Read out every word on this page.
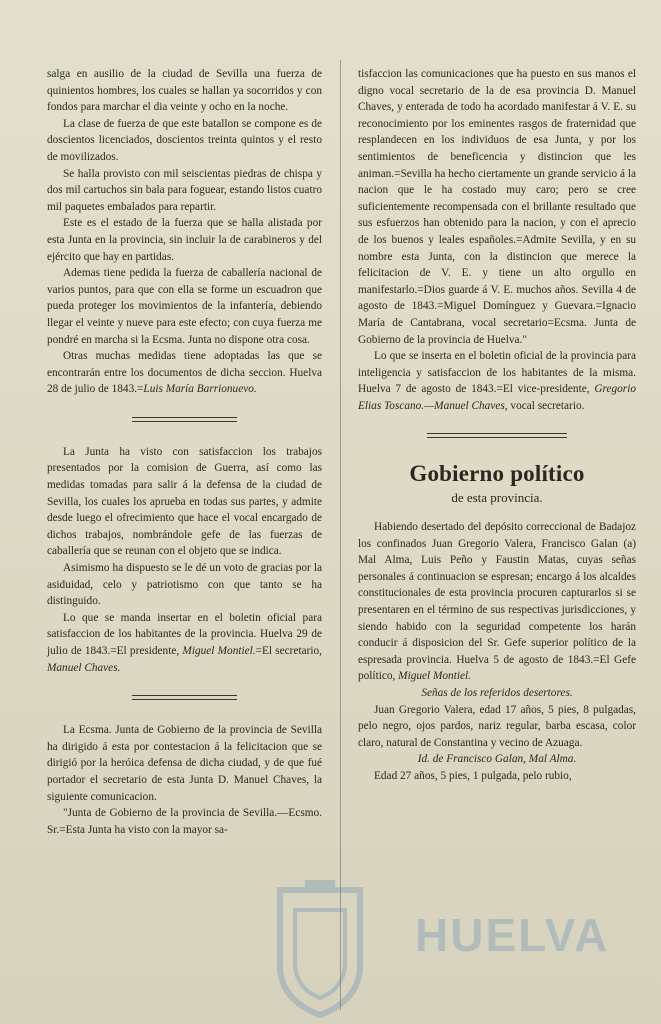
salga en ausilio de la ciudad de Sevilla una fuerza de quinientos hombres, los cuales se hallan ya socorridos y con fondos para marchar el dia veinte y ocho en la noche.

La clase de fuerza de que este batallon se compone es de doscientos licenciados, doscientos treinta quintos y el resto de movilizados.

Se halla provisto con mil seiscientas piedras de chispa y dos mil cartuchos sin bala para foguear, estando listos cuatro mil paquetes embalados para repartir.

Este es el estado de la fuerza que se halla alistada por esta Junta en la provincia, sin incluir la de carabineros y del ejército que hay en partidas.

Ademas tiene pedida la fuerza de caballería nacional de varios puntos, para que con ella se forme un escuadron que pueda proteger los movimientos de la infantería, debiendo llegar el veinte y nueve para este efecto; con cuya fuerza me pondré en marcha si la Ecsma. Junta no dispone otra cosa.

Otras muchas medidas tiene adoptadas las que se encontrarán entre los documentos de dicha seccion. Huelva 28 de julio de 1843.=Luis María Barrionuevo.

La Junta ha visto con satisfaccion los trabajos presentados por la comision de Guerra, así como las medidas tomadas para salir á la defensa de la ciudad de Sevilla, los cuales los aprueba en todas sus partes, y admite desde luego el ofrecimiento que hace el vocal encargado de dichos trabajos, nombrándole gefe de las fuerzas de caballería que se reunan con el objeto que se indica.

Asimismo ha dispuesto se le dé un voto de gracias por la asiduidad, celo y patriotismo con que tanto se ha distinguido.

Lo que se manda insertar en el boletin oficial para satisfaccion de los habitantes de la provincia. Huelva 29 de julio de 1843.=El presidente, Miguel Montiel.=El secretario, Manuel Chaves.

La Ecsma. Junta de Gobierno de la provincia de Sevilla ha dirigido á esta por contestacion á la felicitacion que se dirigió por la heróica defensa de dicha ciudad, y de que fué portador el secretario de esta Junta D. Manuel Chaves, la siguiente comunicacion.

"Junta de Gobierno de la provincia de Sevilla.—Ecsmo. Sr.=Esta Junta ha visto con la mayor sa-

tisfaccion las comunicaciones que ha puesto en sus manos el digno vocal secretario de la de esa provincia D. Manuel Chaves, y enterada de todo ha acordado manifestar á V. E. su reconocimiento por los eminentes rasgos de fraternidad que resplandecen en los individuos de esa Junta, y por los sentimientos de beneficencia y distincion que les animan.=Sevilla ha hecho ciertamente un grande servicio á la nacion que le ha costado muy caro; pero se cree suficientemente recompensada con el brillante resultado que sus esfuerzos han obtenido para la nacion, y con el aprecio de los buenos y leales españoles.=Admite Sevilla, y en su nombre esta Junta, con la distincion que merece la felicitacion de V. E. y tiene un alto orgullo en manifestarlo.=Dios guarde á V. E. muchos años. Sevilla 4 de agosto de 1843.=Miguel Domínguez y Guevara.=Ignacio María de Cantabrana, vocal secretario=Ecsma. Junta de Gobierno de la provincia de Huelva."

Lo que se inserta en el boletin oficial de la provincia para inteligencia y satisfaccion de los habitantes de la misma. Huelva 7 de agosto de 1843.=El vice-presidente, Gregorio Elias Toscano.—Manuel Chaves, vocal secretario.

Gobierno político
de esta provincia.

Habiendo desertado del depósito correccional de Badajoz los confinados Juan Gregorio Valera, Francisco Galan (a) Mal Alma, Luis Peño y Faustin Matas, cuyas señas personales á continuacion se espresan; encargo á los alcaldes constitucionales de esta provincia procuren capturarlos si se presentaren en el término de sus respectivas jurisdicciones, y siendo habido con la seguridad competente los harán conducir á disposicion del Sr. Gefe superior político de la espresada provincia. Huelva 5 de agosto de 1843.=El Gefe político, Miguel Montiel.

Señas de los referidos desertores.

Juan Gregorio Valera, edad 17 años, 5 pies, 8 pulgadas, pelo negro, ojos pardos, nariz regular, barba escasa, color claro, natural de Constantina y vecino de Azuaga.

Id. de Francisco Galan, Mal Alma.

Edad 27 años, 5 pies, 1 pulgada, pelo rubio,

HUELVA
